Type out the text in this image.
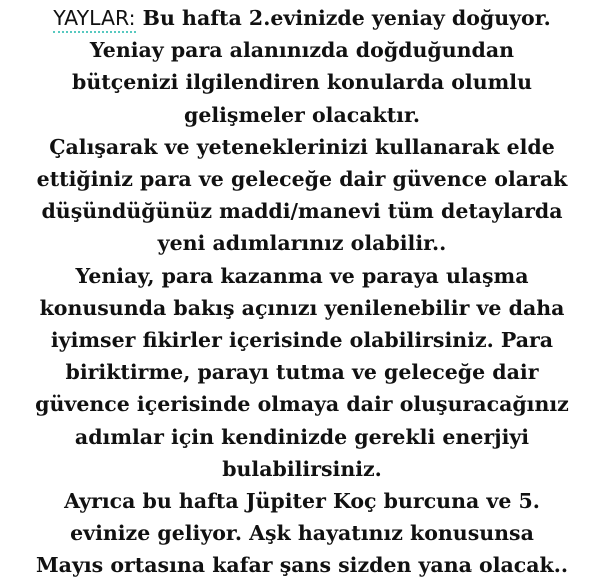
YAYLAR: Bu hafta 2.evinizde yeniay doğuyor.
Yeniay para alanınızda doğduğundan
bütçenizi ilgilendiren konularda olumlu
gelişmeler olacaktır.
Çalışarak ve yeteneklerinizi kullanarak elde
ettiğiniz para ve geleceğe dair güvence olarak
düşündüğünüz maddi/manevi tüm detaylarda
yeni adımlarınız olabilir..
Yeniay, para kazanma ve paraya ulaşma
konusunda bakış açınızı yenilenebilir ve daha
iyimser fikirler içerisinde olabilirsiniz. Para
biriktirme, parayı tutma ve geleceğe dair
güvence içerisinde olmaya dair oluşuracağınız
adımlar için kendinizde gerekli enerjiyi
bulabilirsiniz.
Ayrıca bu hafta Jüpiter Koç burcuna ve 5.
evinize geliyor. Aşk hayatınız konusunsa
Mayıs ortasına kafar şans sizden yana olacak..
